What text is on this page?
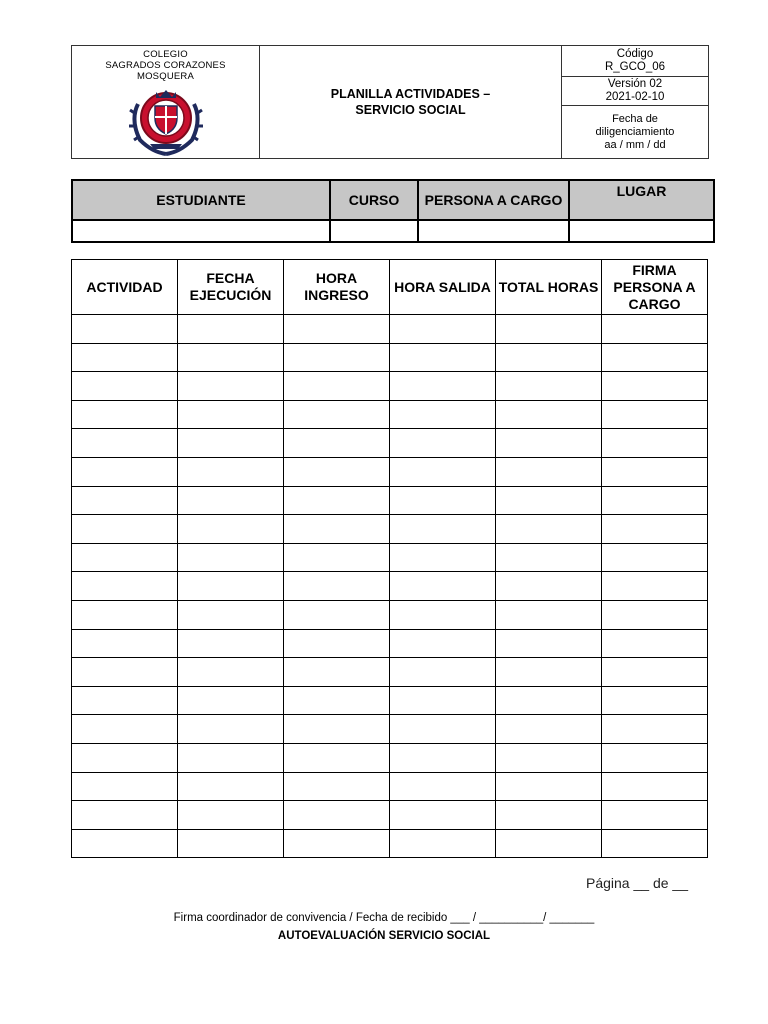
COLEGIO
SAGRADOS CORAZONES
MOSQUERA

PLANILLA ACTIVIDADES –
SERVICIO SOCIAL

Código
R_GCO_06

Versión 02
2021-02-10

Fecha de
diligenciamiento
aa / mm / dd
ESTUDIANTE	CURSO	PERSONA A CARGO	LUGAR

ACTIVIDAD	FECHA EJECUCIÓN	HORA INGRESO	HORA SALIDA	TOTAL HORAS	FIRMA PERSONA A CARGO

Página __ de __
Firma coordinador de convivencia / Fecha de recibido ___ / __________/ _______
AUTOEVALUACIÓN SERVICIO SOCIAL
